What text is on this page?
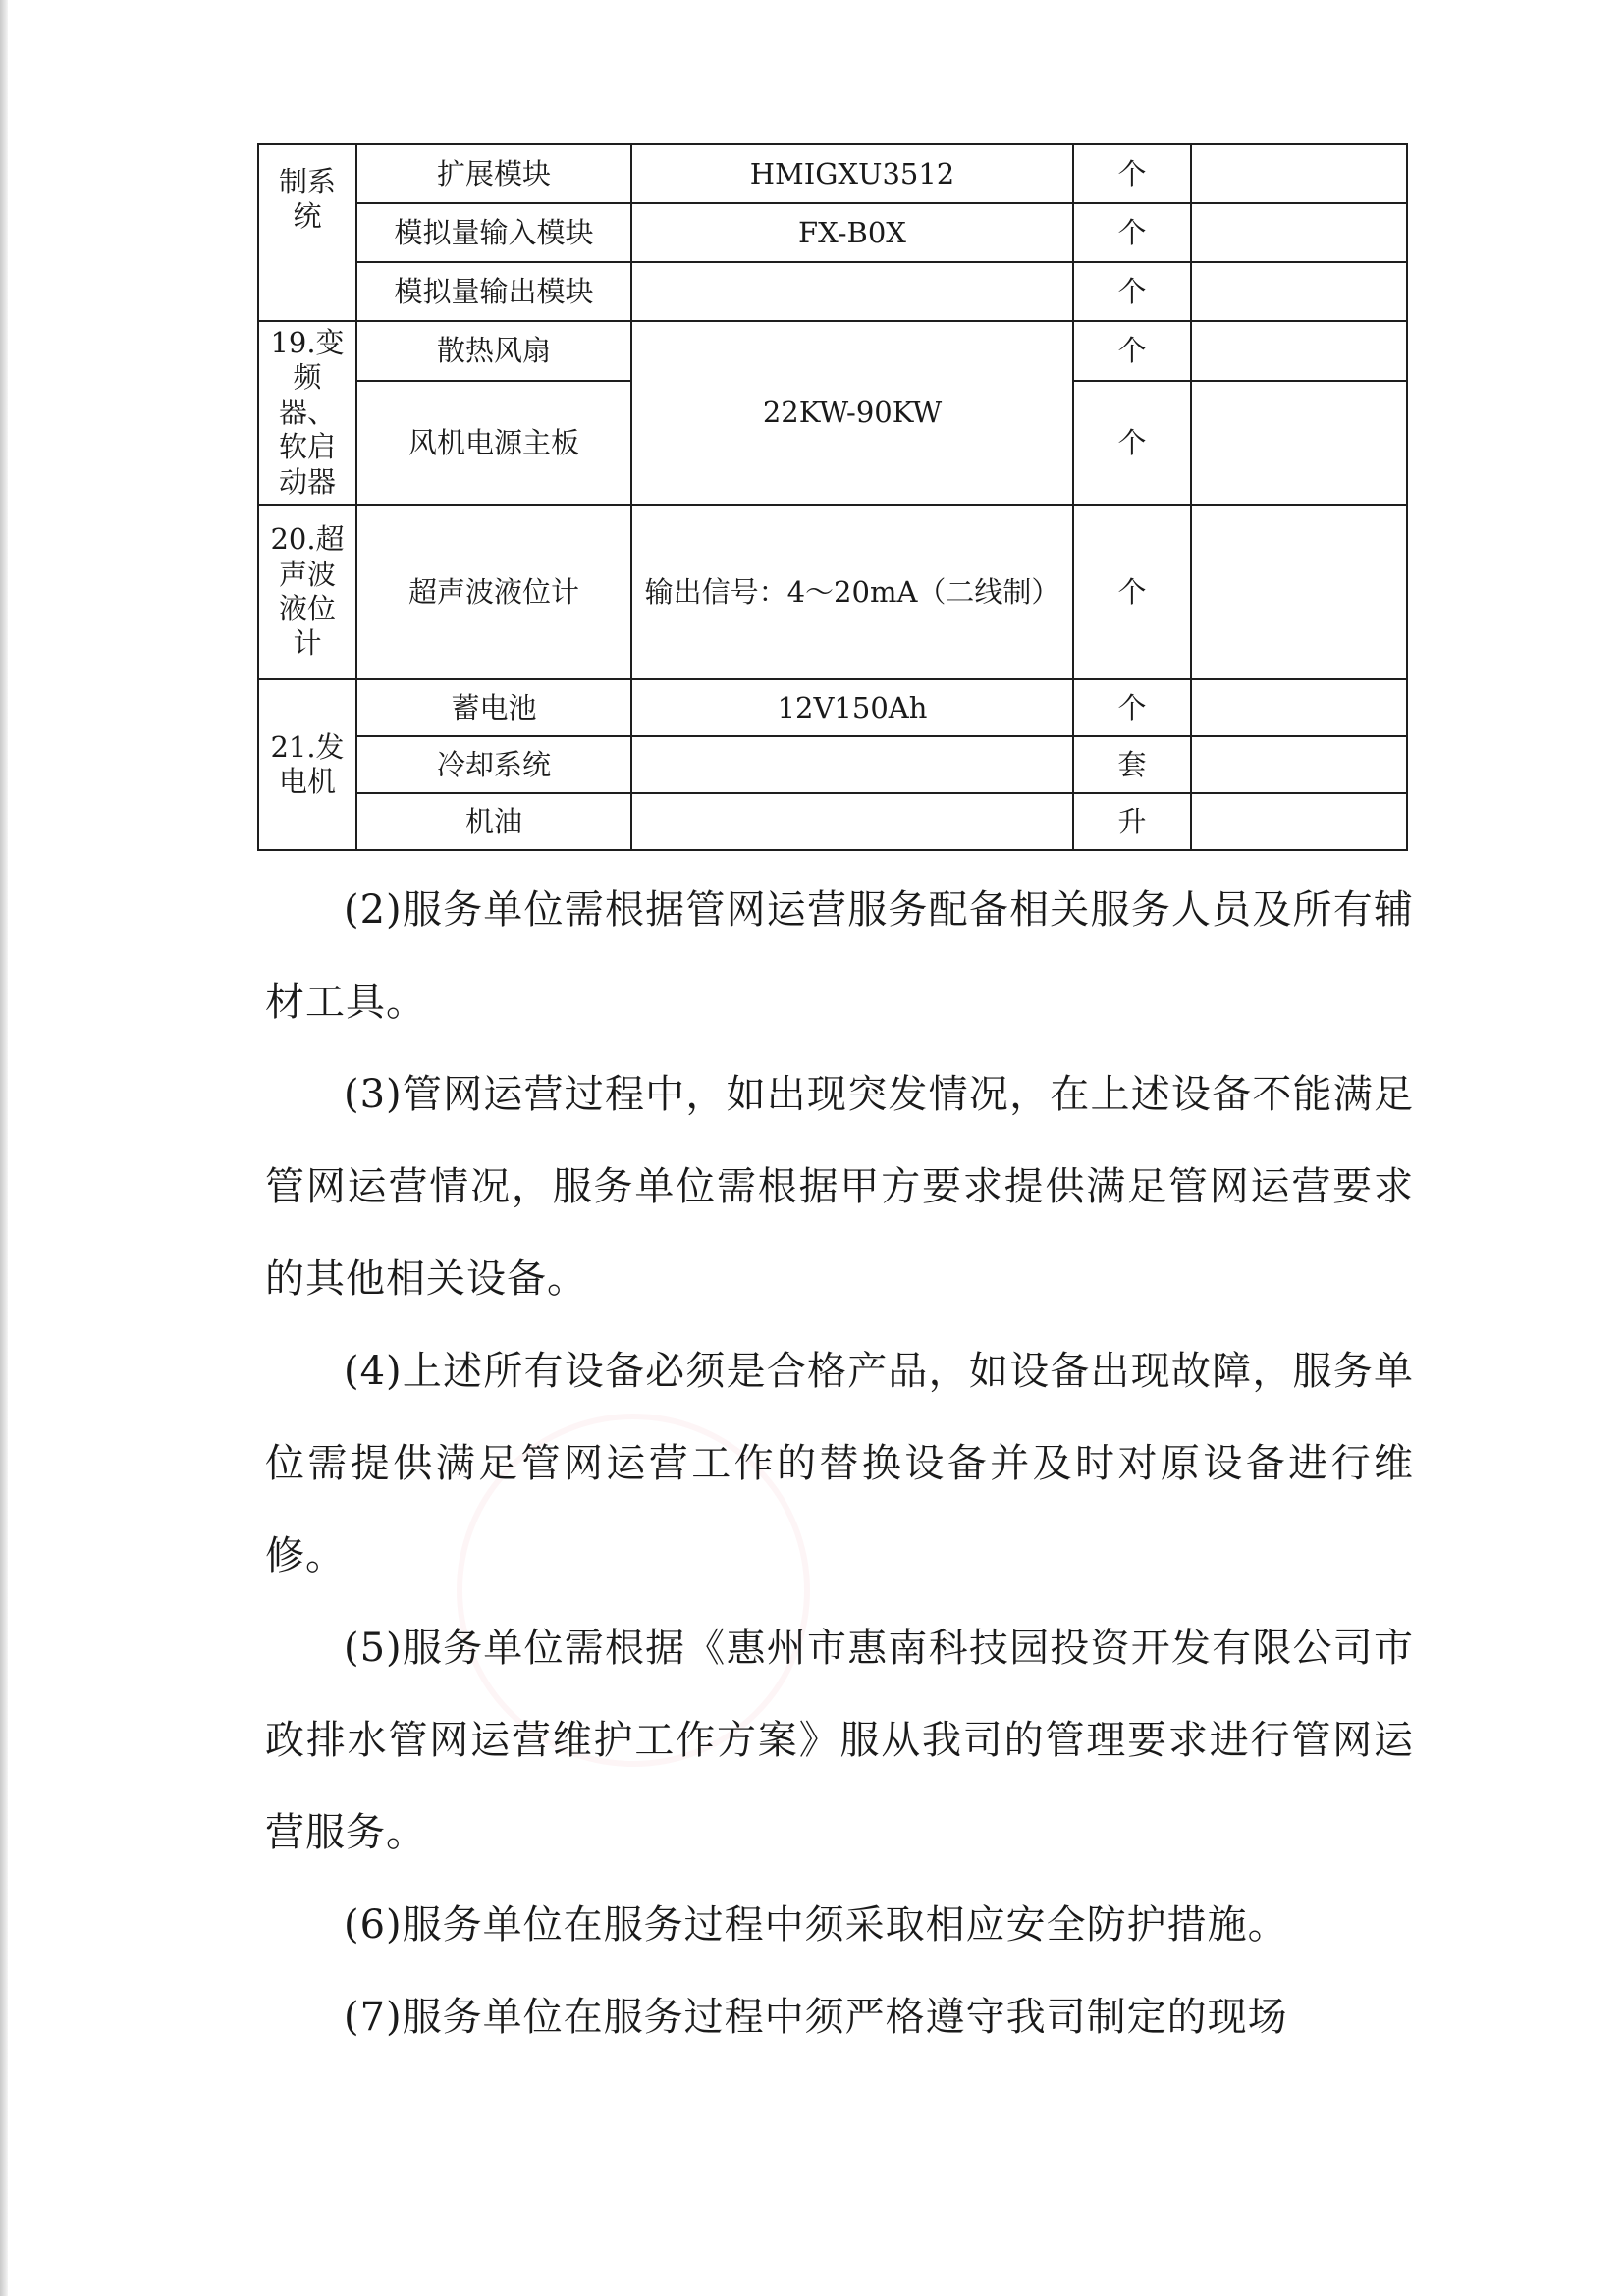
制系
统	扩展模块	HMIGXU3512	个	
	模拟量输入模块	FX-B0X	个	
	模拟量输出模块		个	
19.变
频器、
软启
动器	散热风扇	22KW-90KW	个	
	风机电源主板		个	
20.超
声波
液位
计	超声波液位计	输出信号：4～20mA（二线制）	个	
21.发
电机	蓄电池	12V150Ah	个	
	冷却系统		套	
	机油		升	

(2)服务单位需根据管网运营服务配备相关服务人员及所有辅材工具。

(3)管网运营过程中，如出现突发情况，在上述设备不能满足管网运营情况，服务单位需根据甲方要求提供满足管网运营要求的其他相关设备。

(4)上述所有设备必须是合格产品，如设备出现故障，服务单位需提供满足管网运营工作的替换设备并及时对原设备进行维修。

(5)服务单位需根据《惠州市惠南科技园投资开发有限公司市政排水管网运营维护工作方案》服从我司的管理要求进行管网运营服务。

(6)服务单位在服务过程中须采取相应安全防护措施。

(7)服务单位在服务过程中须严格遵守我司制定的现场
